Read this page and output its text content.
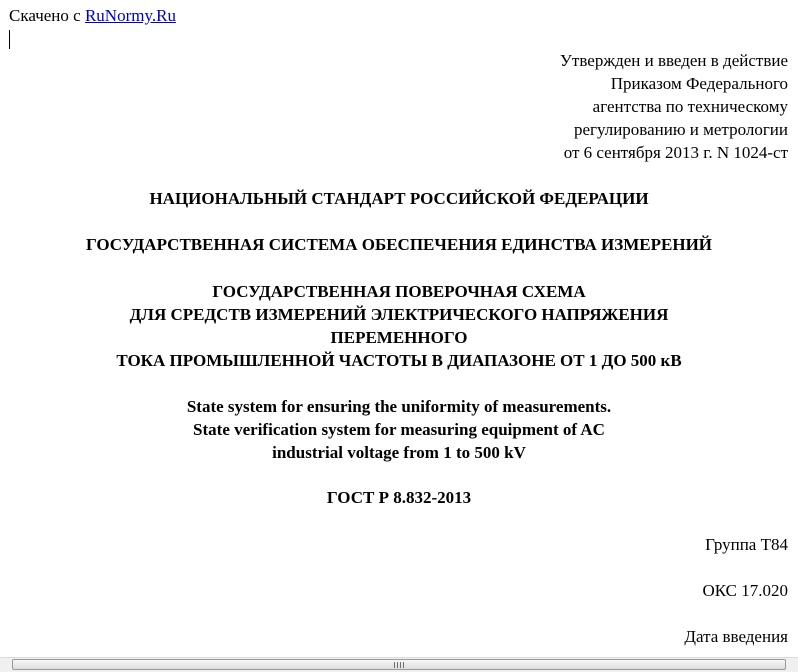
Скачено с RuNormy.Ru
Утвержден и введен в действие
Приказом Федерального
агентства по техническому
регулированию и метрологии
от 6 сентября 2013 г. N 1024-ст
НАЦИОНАЛЬНЫЙ СТАНДАРТ РОССИЙСКОЙ ФЕДЕРАЦИИ
ГОСУДАРСТВЕННАЯ СИСТЕМА ОБЕСПЕЧЕНИЯ ЕДИНСТВА ИЗМЕРЕНИЙ
ГОСУДАРСТВЕННАЯ ПОВЕРОЧНАЯ СХЕМА
ДЛЯ СРЕДСТВ ИЗМЕРЕНИЙ ЭЛЕКТРИЧЕСКОГО НАПРЯЖЕНИЯ
ПЕРЕМЕННОГО
ТОКА ПРОМЫШЛЕННОЙ ЧАСТОТЫ В ДИАПАЗОНЕ ОТ 1 ДО 500 кВ
State system for ensuring the uniformity of measurements.
State verification system for measuring equipment of AC
industrial voltage from 1 to 500 kV
ГОСТ Р 8.832-2013
Группа Т84
ОКС 17.020
Дата введения
